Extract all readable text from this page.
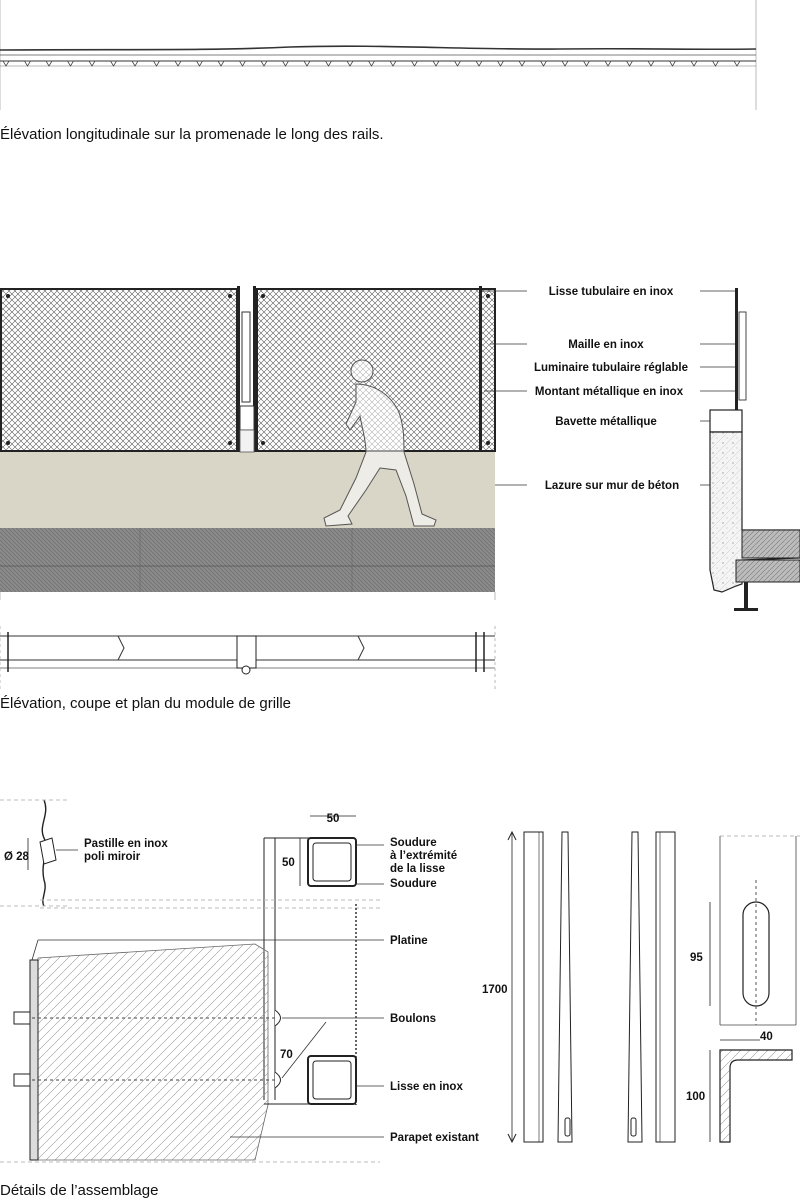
Lisse tubulaire en inox
Maille en inox
Luminaire tubulaire réglable
Montant métallique en inox
Bavette métallique
Lazure sur mur de béton
Pastille en inox
poli miroir
Ø 28
50
50
Soudure
à l’extrémité
de la lisse
Soudure
70
Platine
Boulons
Lisse en inox
Parapet existant
1700
95
40
100
Élévation longitudinale sur la promenade le long des rails.
Élévation, coupe et plan du module de grille
Détails de l’assemblage
